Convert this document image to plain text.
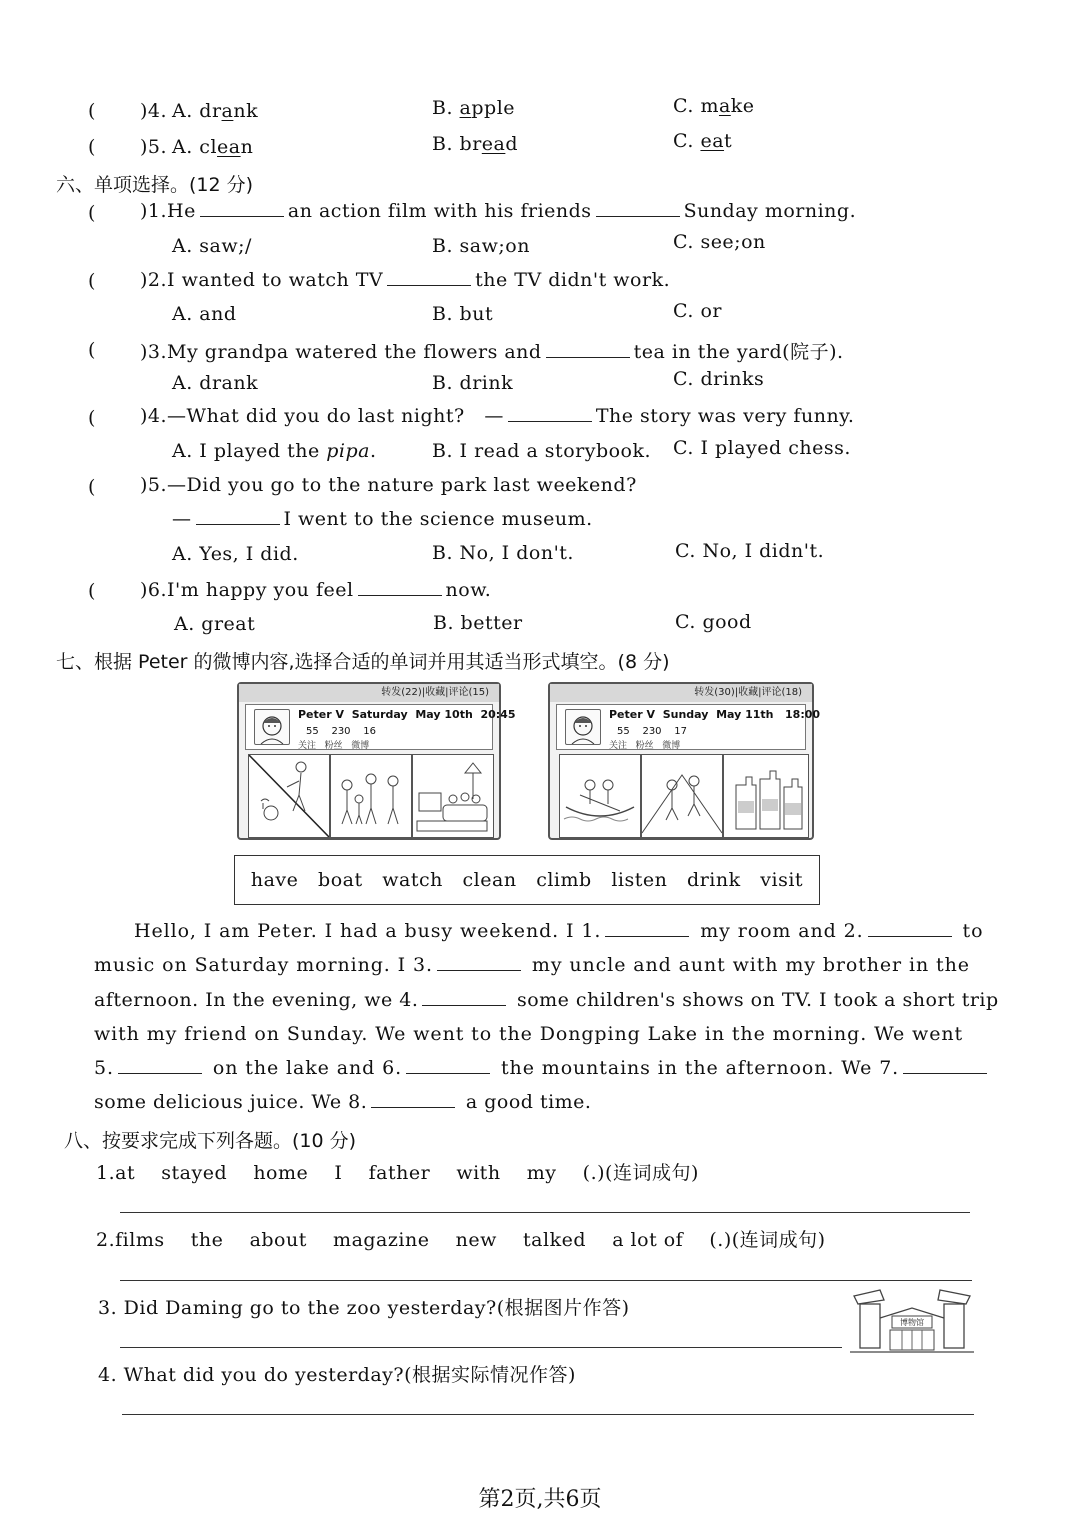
( )4. A. drank	B. apple	C. make
( )5. A. clean	B. bread	C. eat
六、单项选择。(12 分)
( )1.He	an action film with his friends	Sunday morning.
A. saw;/	B. saw;on	C. see;on
( )2.I wanted to watch TV	the TV didn't work.
A. and	B. but	C. or
( )3.My grandpa watered the flowers and	tea in the yard(院子).
A. drank	B. drink	C. drinks
( )4.—What did you do last night? —	The story was very funny.
A. I played the pipa.	B. I read a storybook. C. I played chess.
( )5.—Did you go to the nature park last weekend?
—	I went to the science museum.
A. Yes, I did.	B. No, I don't.	C. No, I didn't.
( )6.I'm happy you feel	now.
A. great	B. better	C. good
七、根据 Peter 的微博内容,选择合适的单词并用其适当形式填空。(8 分)
转发(22)|收藏|评论(15)
Peter V Saturday May 10th 20:45
55 230 16
关注 粉丝 微博
转发(30)|收藏|评论(18)
Peter V Sunday May 11th 18:00
55 230 17
关注 粉丝 微博
have boat watch clean climb listen drink visit
Hello, I am Peter. I had a busy weekend. I 1.	my room and 2.	to
music on Saturday morning. I 3.	my uncle and aunt with my brother in the
afternoon. In the evening, we 4.	some children's shows on TV. I took a short trip
with my friend on Sunday. We went to the Dongping Lake in the morning. We went
5.	on the lake and 6.	the mountains in the afternoon. We 7.
some delicious juice. We 8.	a good time.
八、按要求完成下列各题。(10 分)
1.at stayed home I father with my (.)(连词成句)
2.films the about magazine new talked a lot of (.)(连词成句)
3. Did Daming go to the zoo yesterday?(根据图片作答)
博物馆
4. What did you do yesterday?(根据实际情况作答)
第2页,共6页
